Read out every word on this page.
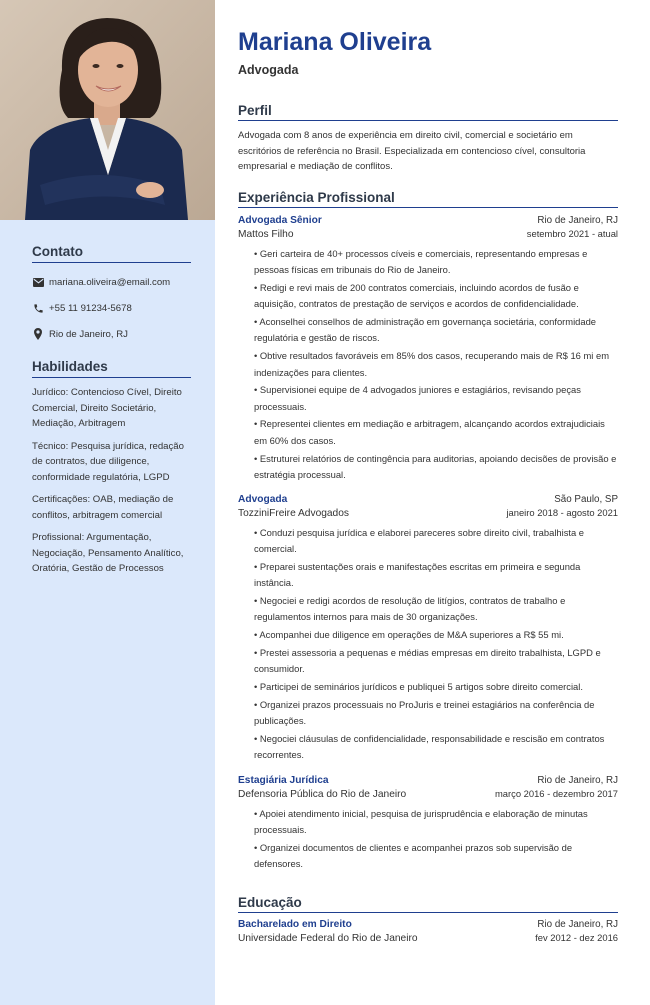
Contato
mariana.oliveira@email.com
+55 11 91234-5678
Rio de Janeiro, RJ
Habilidades
Jurídico: Contencioso Cível, Direito Comercial, Direito Societário, Mediação, Arbitragem
Técnico: Pesquisa jurídica, redação de contratos, due diligence, conformidade regulatória, LGPD
Certificações: OAB, mediação de conflitos, arbitragem comercial
Profissional: Argumentação, Negociação, Pensamento Analítico, Oratória, Gestão de Processos
Mariana Oliveira
Advogada
Perfil
Advogada com 8 anos de experiência em direito civil, comercial e societário em escritórios de referência no Brasil. Especializada em contencioso cível, consultoria empresarial e mediação de conflitos.
Experiência Profissional
Advogada Sênior	Rio de Janeiro, RJ
Mattos Filho	setembro 2021 - atual
• Geri carteira de 40+ processos cíveis e comerciais, representando empresas e pessoas físicas em tribunais do Rio de Janeiro.
• Redigi e revi mais de 200 contratos comerciais, incluindo acordos de fusão e aquisição, contratos de prestação de serviços e acordos de confidencialidade.
• Aconselhei conselhos de administração em governança societária, conformidade regulatória e gestão de riscos.
• Obtive resultados favoráveis em 85% dos casos, recuperando mais de R$ 16 mi em indenizações para clientes.
• Supervisionei equipe de 4 advogados juniores e estagiários, revisando peças processuais.
• Representei clientes em mediação e arbitragem, alcançando acordos extrajudiciais em 60% dos casos.
• Estruturei relatórios de contingência para auditorias, apoiando decisões de provisão e estratégia processual.
Advogada	São Paulo, SP
TozziniFreire Advogados	janeiro 2018 - agosto 2021
• Conduzi pesquisa jurídica e elaborei pareceres sobre direito civil, trabalhista e comercial.
• Preparei sustentações orais e manifestações escritas em primeira e segunda instância.
• Negociei e redigi acordos de resolução de litígios, contratos de trabalho e regulamentos internos para mais de 30 organizações.
• Acompanhei due diligence em operações de M&A superiores a R$ 55 mi.
• Prestei assessoria a pequenas e médias empresas em direito trabalhista, LGPD e consumidor.
• Participei de seminários jurídicos e publiquei 5 artigos sobre direito comercial.
• Organizei prazos processuais no ProJuris e treinei estagiários na conferência de publicações.
• Negociei cláusulas de confidencialidade, responsabilidade e rescisão em contratos recorrentes.
Estagiária Jurídica	Rio de Janeiro, RJ
Defensoria Pública do Rio de Janeiro	março 2016 - dezembro 2017
• Apoiei atendimento inicial, pesquisa de jurisprudência e elaboração de minutas processuais.
• Organizei documentos de clientes e acompanhei prazos sob supervisão de defensores.
Educação
Bacharelado em Direito	Rio de Janeiro, RJ
Universidade Federal do Rio de Janeiro	fev 2012 - dez 2016
